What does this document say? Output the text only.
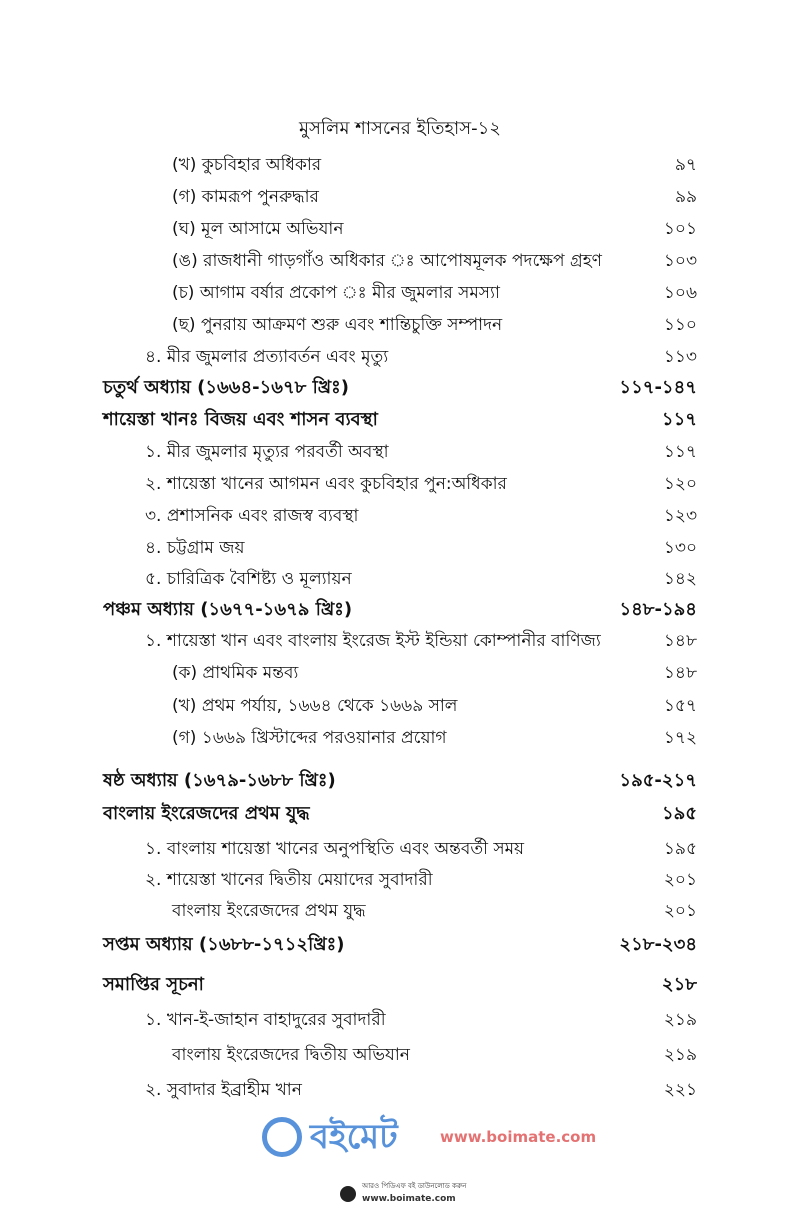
মুসলিম শাসনের ইতিহাস-১২
(খ) কুচবিহার অধিকার	৯৭
(গ) কামরূপ পুনরুদ্ধার	৯৯
(ঘ) মূল আসামে অভিযান	১০১
(ঙ) রাজধানী গাড়গাঁও অধিকার ঃ আপোষমূলক পদক্ষেপ গ্রহণ	১০৩
(চ) আগাম বর্ষার প্রকোপ ঃ মীর জুমলার সমস্যা	১০৬
(ছ) পুনরায় আক্রমণ শুরু এবং শান্তিচুক্তি সম্পাদন	১১০
৪. মীর জুমলার প্রত্যাবর্তন এবং মৃত্যু	১১৩
চতুর্থ অধ্যায় (১৬৬৪-১৬৭৮ খ্রিঃ)	১১৭-১৪৭
শায়েস্তা খানঃ বিজয় এবং শাসন ব্যবস্থা	১১৭
১. মীর জুমলার মৃত্যুর পরবর্তী অবস্থা	১১৭
২. শায়েস্তা খানের আগমন এবং কুচবিহার পুন:অধিকার	১২০
৩. প্রশাসনিক এবং রাজস্ব ব্যবস্থা	১২৩
৪. চট্টগ্রাম জয়	১৩০
৫. চারিত্রিক বৈশিষ্ট্য ও মূল্যায়ন	১৪২
পঞ্চম অধ্যায় (১৬৭৭-১৬৭৯ খ্রিঃ)	১৪৮-১৯৪
১. শায়েস্তা খান এবং বাংলায় ইংরেজ ইস্ট ইন্ডিয়া কোম্পানীর বাণিজ্য	১৪৮
(ক) প্রাথমিক মন্তব্য	১৪৮
(খ) প্রথম পর্যায়, ১৬৬৪ থেকে ১৬৬৯ সাল	১৫৭
(গ) ১৬৬৯ খ্রিস্টাব্দের পরওয়ানার প্রয়োগ	১৭২
ষষ্ঠ অধ্যায় (১৬৭৯-১৬৮৮ খ্রিঃ)	১৯৫-২১৭
বাংলায় ইংরেজদের প্রথম যুদ্ধ	১৯৫
১. বাংলায় শায়েস্তা খানের অনুপস্থিতি এবং অন্তবর্তী সময়	১৯৫
২. শায়েস্তা খানের দ্বিতীয় মেয়াদের সুবাদারী	২০১
বাংলায় ইংরেজদের প্রথম যুদ্ধ	২০১
সপ্তম অধ্যায় (১৬৮৮-১৭১২খ্রিঃ)	২১৮-২৩৪
সমাপ্তির সূচনা	২১৮
১. খান-ই-জাহান বাহাদুরের সুবাদারী	২১৯
বাংলায় ইংরেজদের দ্বিতীয় অভিযান	২১৯
২. সুবাদার ইব্রাহীম খান	২২১
বইমেট	www.boimate.com
আরও পিডিএফ বই ডাউনলোড করুন
www.boimate.com
